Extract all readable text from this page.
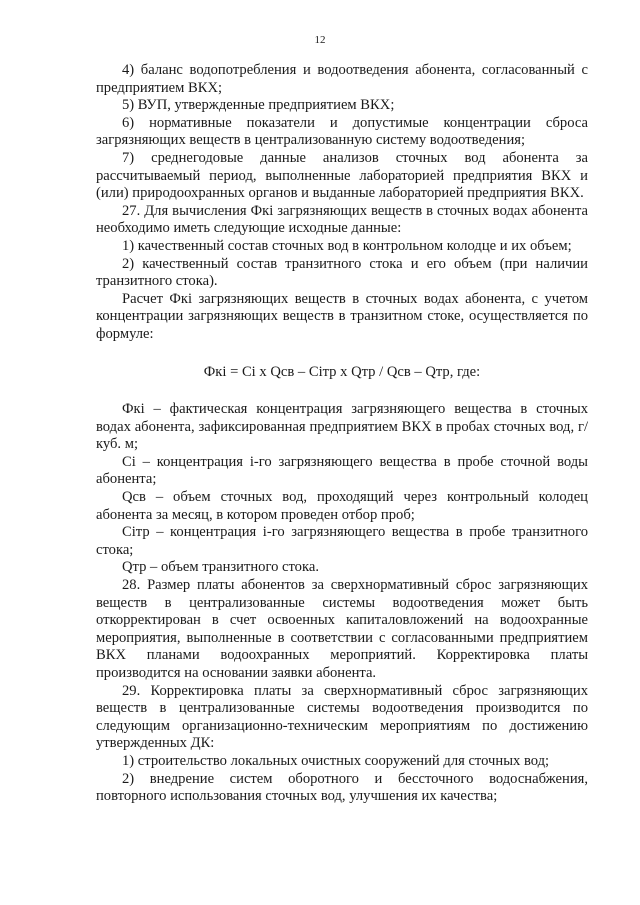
12

4) баланс водопотребления и водоотведения абонента, согласованный с предприятием ВКХ;

5) ВУП, утвержденные предприятием ВКХ;

6) нормативные показатели и допустимые концентрации сброса загрязняющих веществ в централизованную систему водоотведения;

7) среднегодовые данные анализов сточных вод абонента за рассчитываемый период, выполненные лабораторией предприятия ВКХ и (или) природоохранных органов и выданные лабораторией предприятия ВКХ.

27. Для вычисления Фкі загрязняющих веществ в сточных водах абонента необходимо иметь следующие исходные данные:

1) качественный состав сточных вод в контрольном колодце и их объем;

2) качественный состав транзитного стока и его объем (при наличии транзитного стока).

Расчет Фкі загрязняющих веществ в сточных водах абонента, с учетом концентрации загрязняющих веществ в транзитном стоке, осуществляется по формуле:

Фкі = Сі х Qсв – Сітр х Qтр / Qсв – Qтр, где:

Фкі – фактическая концентрация загрязняющего вещества в сточных водах абонента, зафиксированная предприятием ВКХ в пробах сточных вод, г/куб. м;

Сі – концентрация і-го загрязняющего вещества в пробе сточной воды абонента;

Qсв – объем сточных вод, проходящий через контрольный колодец абонента за месяц, в котором проведен отбор проб;

Сітр – концентрация і-го загрязняющего вещества в пробе транзитного стока;

Qтр – объем транзитного стока.

28. Размер платы абонентов за сверхнормативный сброс загрязняющих веществ в централизованные системы водоотведения может быть откорректирован в счет освоенных капиталовложений на водоохранные мероприятия, выполненные в соответствии с согласованными предприятием ВКХ планами водоохранных мероприятий. Корректировка платы производится на основании заявки абонента.

29. Корректировка платы за сверхнормативный сброс загрязняющих веществ в централизованные системы водоотведения производится по следующим организационно-техническим мероприятиям по достижению утвержденных ДК:

1) строительство локальных очистных сооружений для сточных вод;

2) внедрение систем оборотного и бессточного водоснабжения, повторного использования сточных вод, улучшения их качества;
